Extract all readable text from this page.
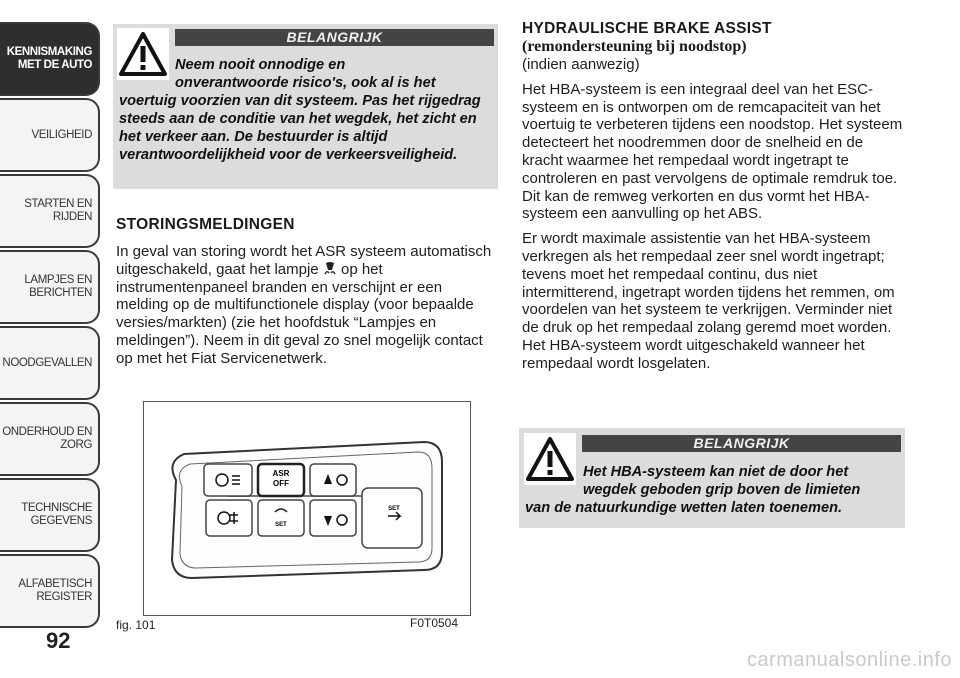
KENNISMAKING
MET DE AUTO
VEILIGHEID
STARTEN EN RIJDEN
LAMPJES EN
BERICHTEN
NOODGEVALLEN
ONDERHOUD EN
ZORG
TECHNISCHE
GEGEVENS
ALFABETISCH
REGISTER
92
BELANGRIJK
Neem nooit onnodige en
onverantwoorde risico's, ook al is het
voertuig voorzien van dit systeem. Pas het rijgedrag steeds aan de conditie van het wegdek, het zicht en het verkeer aan. De bestuurder is altijd verantwoordelijkheid voor de verkeersveiligheid.
STORINGSMELDINGEN

In geval van storing wordt het ASR systeem automatisch uitgeschakeld, gaat het lampje op het instrumentenpaneel branden en verschijnt er een melding op de multifunctionele display (voor bepaalde versies/markten) (zie het hoofdstuk “Lampjes en meldingen”). Neem in dit geval zo snel mogelijk contact op met het Fiat Servicenetwerk.

ASR
OFF
SET
SET
fig. 101	F0T0504
HYDRAULISCHE BRAKE ASSIST
(remondersteuning bij noodstop)

(indien aanwezig)

Het HBA-systeem is een integraal deel van het ESC-systeem en is ontworpen om de remcapaciteit van het voertuig te verbeteren tijdens een noodstop. Het systeem detecteert het noodremmen door de snelheid en de kracht waarmee het rempedaal wordt ingetrapt te controleren en past vervolgens de optimale remdruk toe. Dit kan de remweg verkorten en dus vormt het HBA-systeem een aanvulling op het ABS.

Er wordt maximale assistentie van het HBA-systeem verkregen als het rempedaal zeer snel wordt ingetrapt; tevens moet het rempedaal continu, dus niet intermitterend, ingetrapt worden tijdens het remmen, om voordelen van het systeem te verkrijgen. Verminder niet de druk op het rempedaal zolang geremd moet worden. Het HBA-systeem wordt uitgeschakeld wanneer het rempedaal wordt losgelaten.

BELANGRIJK
Het HBA-systeem kan niet de door het
wegdek geboden grip boven de limieten
van de natuurkundige wetten laten toenemen.
carmanualsonline.info
